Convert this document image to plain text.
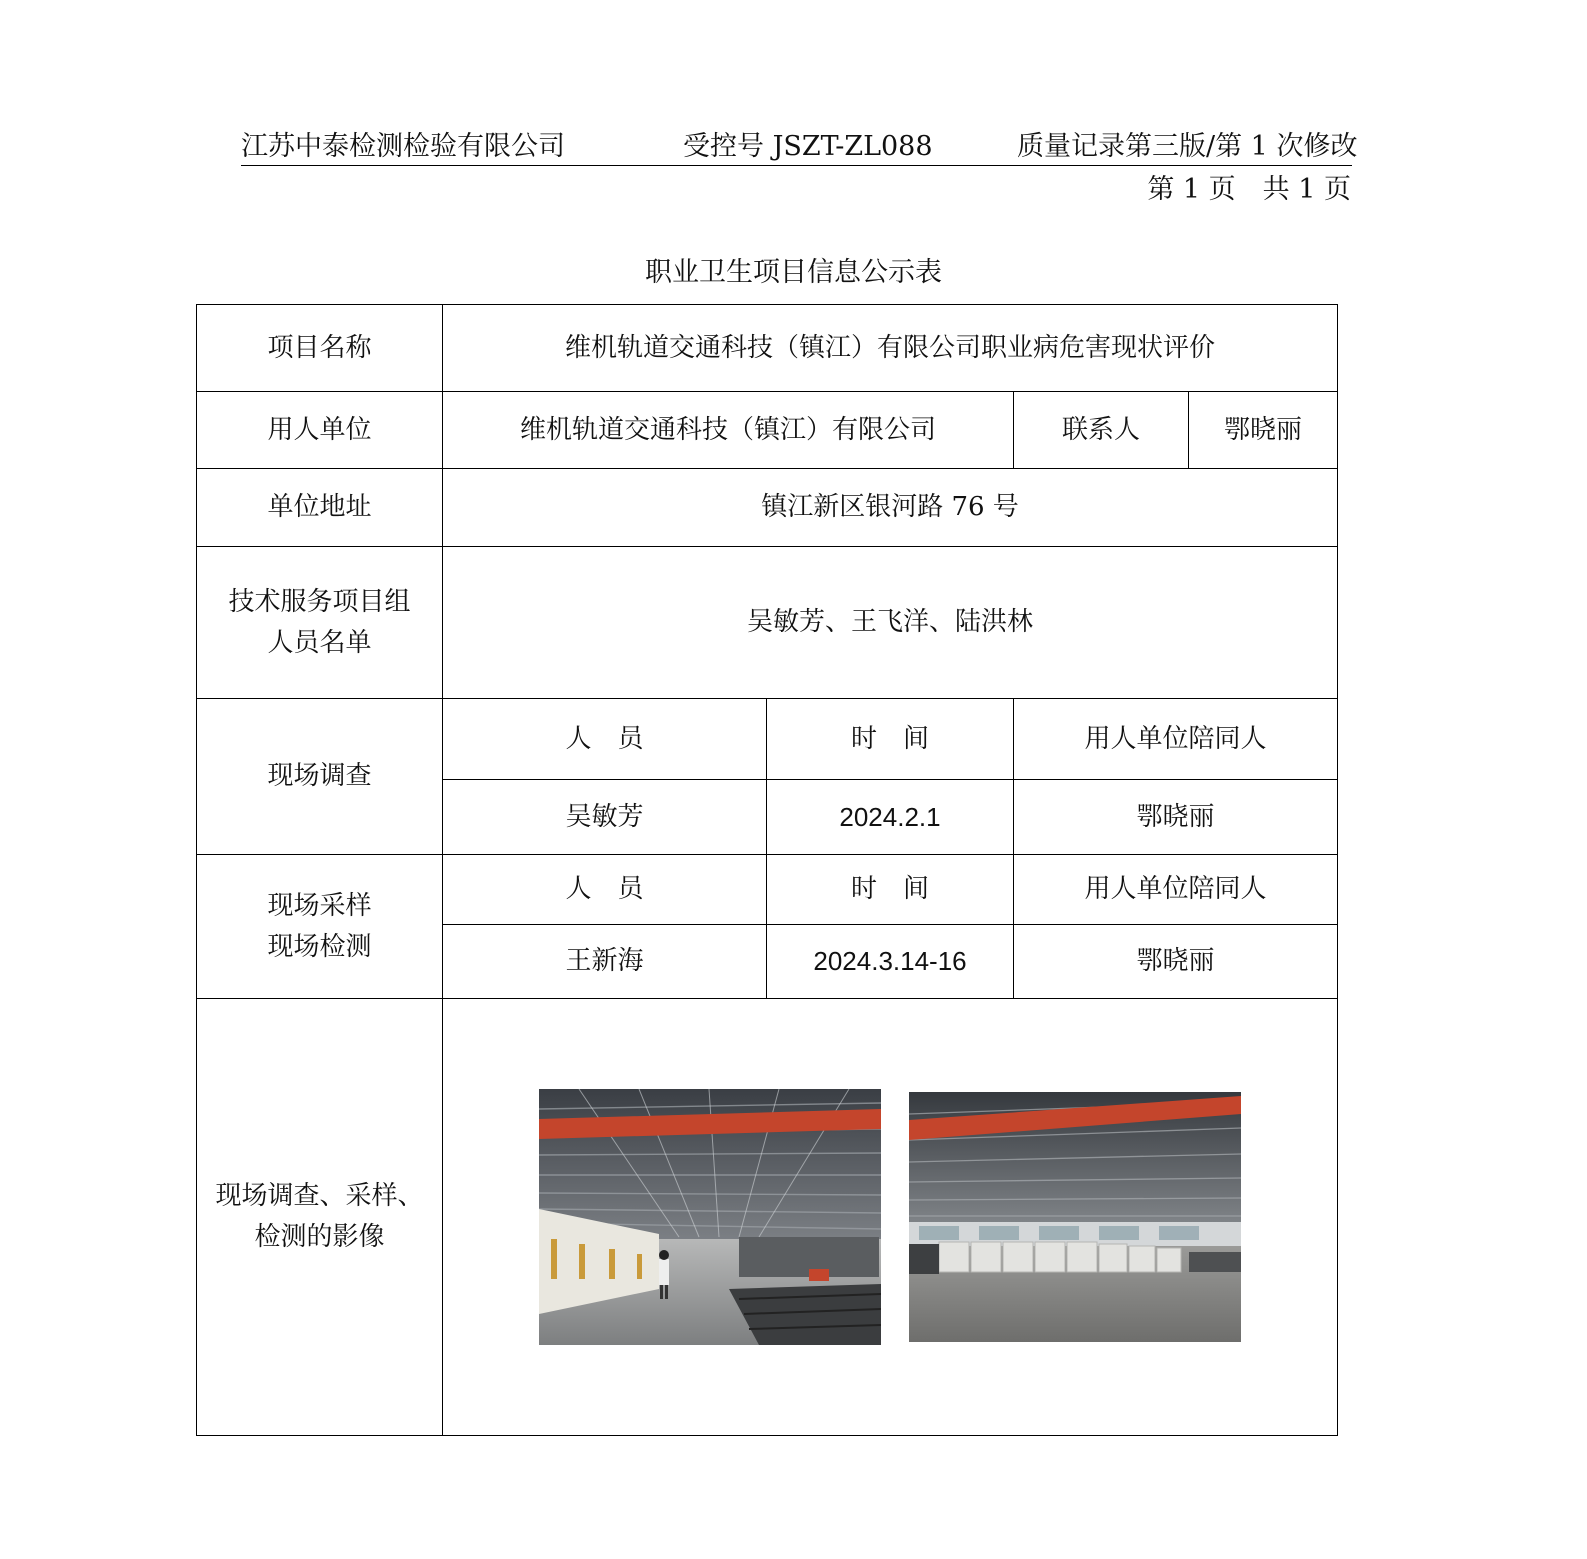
江苏中泰检测检验有限公司	受控号 JSZT-ZL088	质量记录第三版/第 1 次修改
第 1 页　共 1 页
职业卫生项目信息公示表
项目名称	维机轨道交通科技（镇江）有限公司职业病危害现状评价			
用人单位	维机轨道交通科技（镇江）有限公司		联系人	鄂晓丽
单位地址	镇江新区银河路 76 号			

技术服务项目组
人员名单	吴敏芳、王飞洋、陆洪林			
现场调查	人　员	时　间	用人单位陪同人	
	吴敏芳	2024.2.1	鄂晓丽	

现场采样
现场检测	人　员	时　间	用人单位陪同人	
	王新海	2024.3.14-16	鄂晓丽	

现场调查、采样、
检测的影像
